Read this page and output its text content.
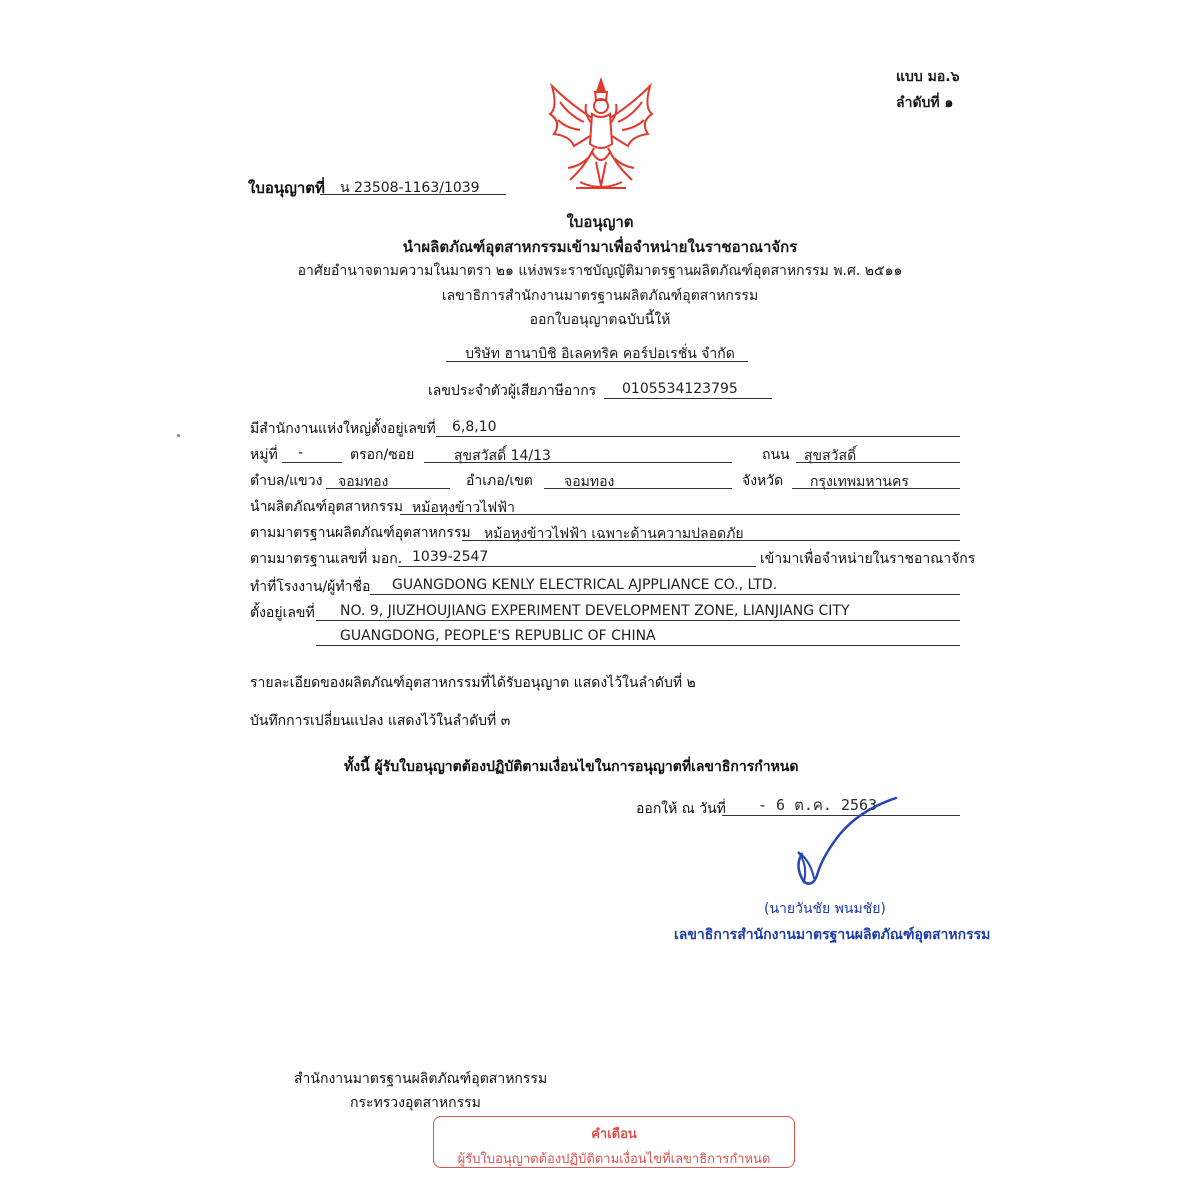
แบบ มอ.๖
ลำดับที่ ๑
ใบอนุญาตที่ น 23508-1163/1039
ใบอนุญาต
นำผลิตภัณฑ์อุตสาหกรรมเข้ามาเพื่อจำหน่ายในราชอาณาจักร
อาศัยอำนาจตามความในมาตรา ๒๑ แห่งพระราชบัญญัติมาตรฐานผลิตภัณฑ์อุตสาหกรรม พ.ศ. ๒๕๑๑
เลขาธิการสำนักงานมาตรฐานผลิตภัณฑ์อุตสาหกรรม
ออกใบอนุญาตฉบับนี้ให้
บริษัท ฮานาบิชิ อิเลคทริค คอร์ปอเรชั่น จำกัด
เลขประจำตัวผู้เสียภาษีอากร 0105534123795
มีสำนักงานแห่งใหญ่ตั้งอยู่เลขที่ 6,8,10
หมู่ที่ -	ตรอก/ซอย	สุขสวัสดิ์ 14/13	ถนน สุขสวัสดิ์
ตำบล/แขวง จอมทอง	อำเภอ/เขต จอมทอง	จังหวัด กรุงเทพมหานคร
นำผลิตภัณฑ์อุตสาหกรรม หม้อหุงข้าวไฟฟ้า
ตามมาตรฐานผลิตภัณฑ์อุตสาหกรรม หม้อหุงข้าวไฟฟ้า เฉพาะด้านความปลอดภัย
ตามมาตรฐานเลขที่ มอก. 1039-2547	เข้ามาเพื่อจำหน่ายในราชอาณาจักร
ทำที่โรงงาน/ผู้ทำชื่อ GUANGDONG KENLY ELECTRICAL AJPPLIANCE CO., LTD.
ตั้งอยู่เลขที่ NO. 9, JIUZHOUJIANG EXPERIMENT DEVELOPMENT ZONE, LIANJIANG CITY
GUANGDONG, PEOPLE'S REPUBLIC OF CHINA
รายละเอียดของผลิตภัณฑ์อุตสาหกรรมที่ได้รับอนุญาต แสดงไว้ในลำดับที่ ๒
บันทึกการเปลี่ยนแปลง แสดงไว้ในลำดับที่ ๓
ทั้งนี้ ผู้รับใบอนุญาตต้องปฏิบัติตามเงื่อนไขในการอนุญาตที่เลขาธิการกำหนด
ออกให้ ณ วันที่ - 6 ต.ค. 2563
(นายวันชัย พนมชัย)
เลขาธิการสำนักงานมาตรฐานผลิตภัณฑ์อุตสาหกรรม
สำนักงานมาตรฐานผลิตภัณฑ์อุตสาหกรรม
กระทรวงอุตสาหกรรม
คำเตือน
ผู้รับใบอนุญาตต้องปฏิบัติตามเงื่อนไขที่เลขาธิการกำหนด
